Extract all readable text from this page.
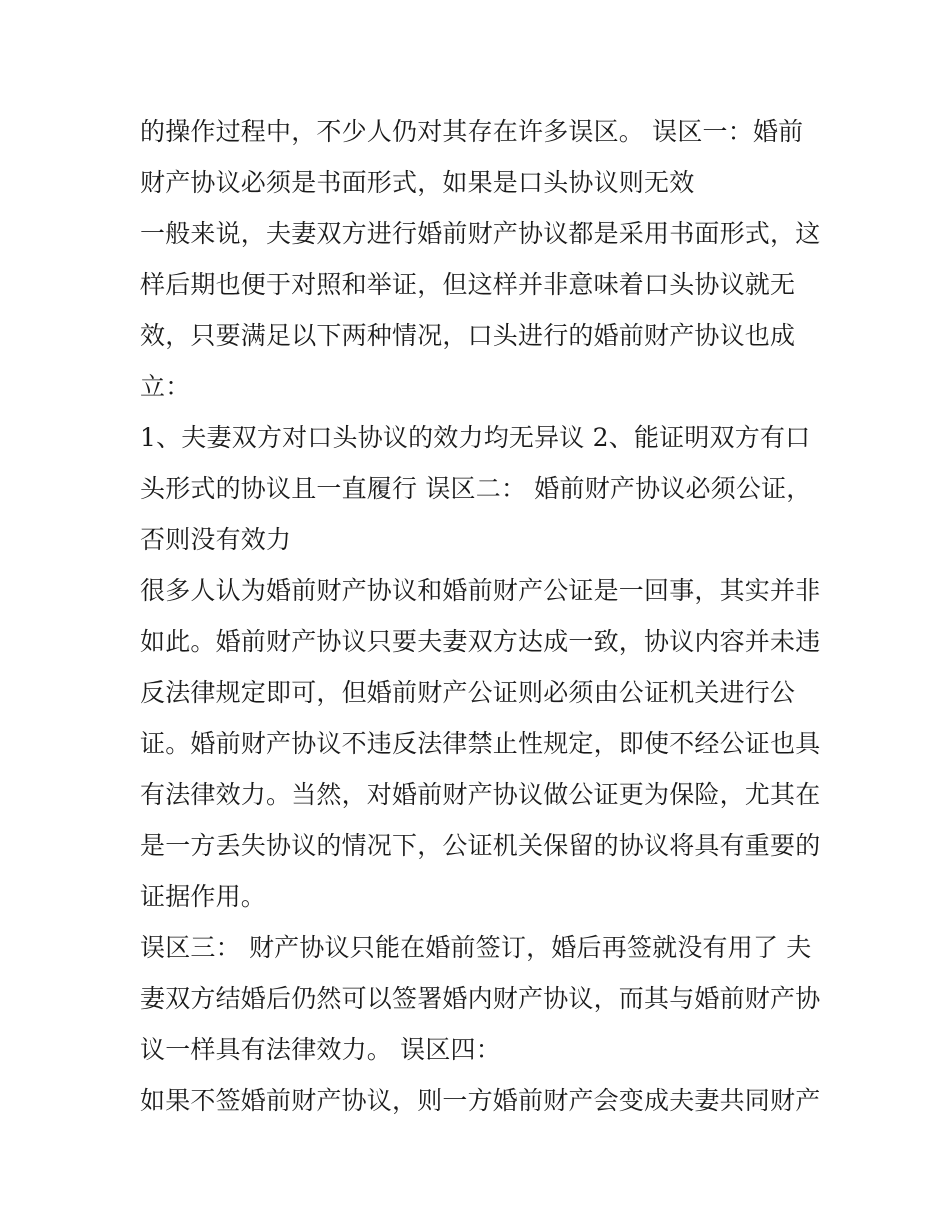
的操作过程中，不少人仍对其存在许多误区。 误区一：婚前
财产协议必须是书面形式，如果是口头协议则无效
一般来说，夫妻双方进行婚前财产协议都是采用书面形式，这
样后期也便于对照和举证，但这样并非意味着口头协议就无
效，只要满足以下两种情况，口头进行的婚前财产协议也成
立：
1、夫妻双方对口头协议的效力均无异议 2、能证明双方有口
头形式的协议且一直履行 误区二： 婚前财产协议必须公证，
否则没有效力
很多人认为婚前财产协议和婚前财产公证是一回事，其实并非
如此。婚前财产协议只要夫妻双方达成一致，协议内容并未违
反法律规定即可，但婚前财产公证则必须由公证机关进行公
证。婚前财产协议不违反法律禁止性规定，即使不经公证也具
有法律效力。当然，对婚前财产协议做公证更为保险，尤其在
是一方丢失协议的情况下，公证机关保留的协议将具有重要的
证据作用。
误区三： 财产协议只能在婚前签订，婚后再签就没有用了 夫
妻双方结婚后仍然可以签署婚内财产协议，而其与婚前财产协
议一样具有法律效力。 误区四：
如果不签婚前财产协议，则一方婚前财产会变成夫妻共同财产
